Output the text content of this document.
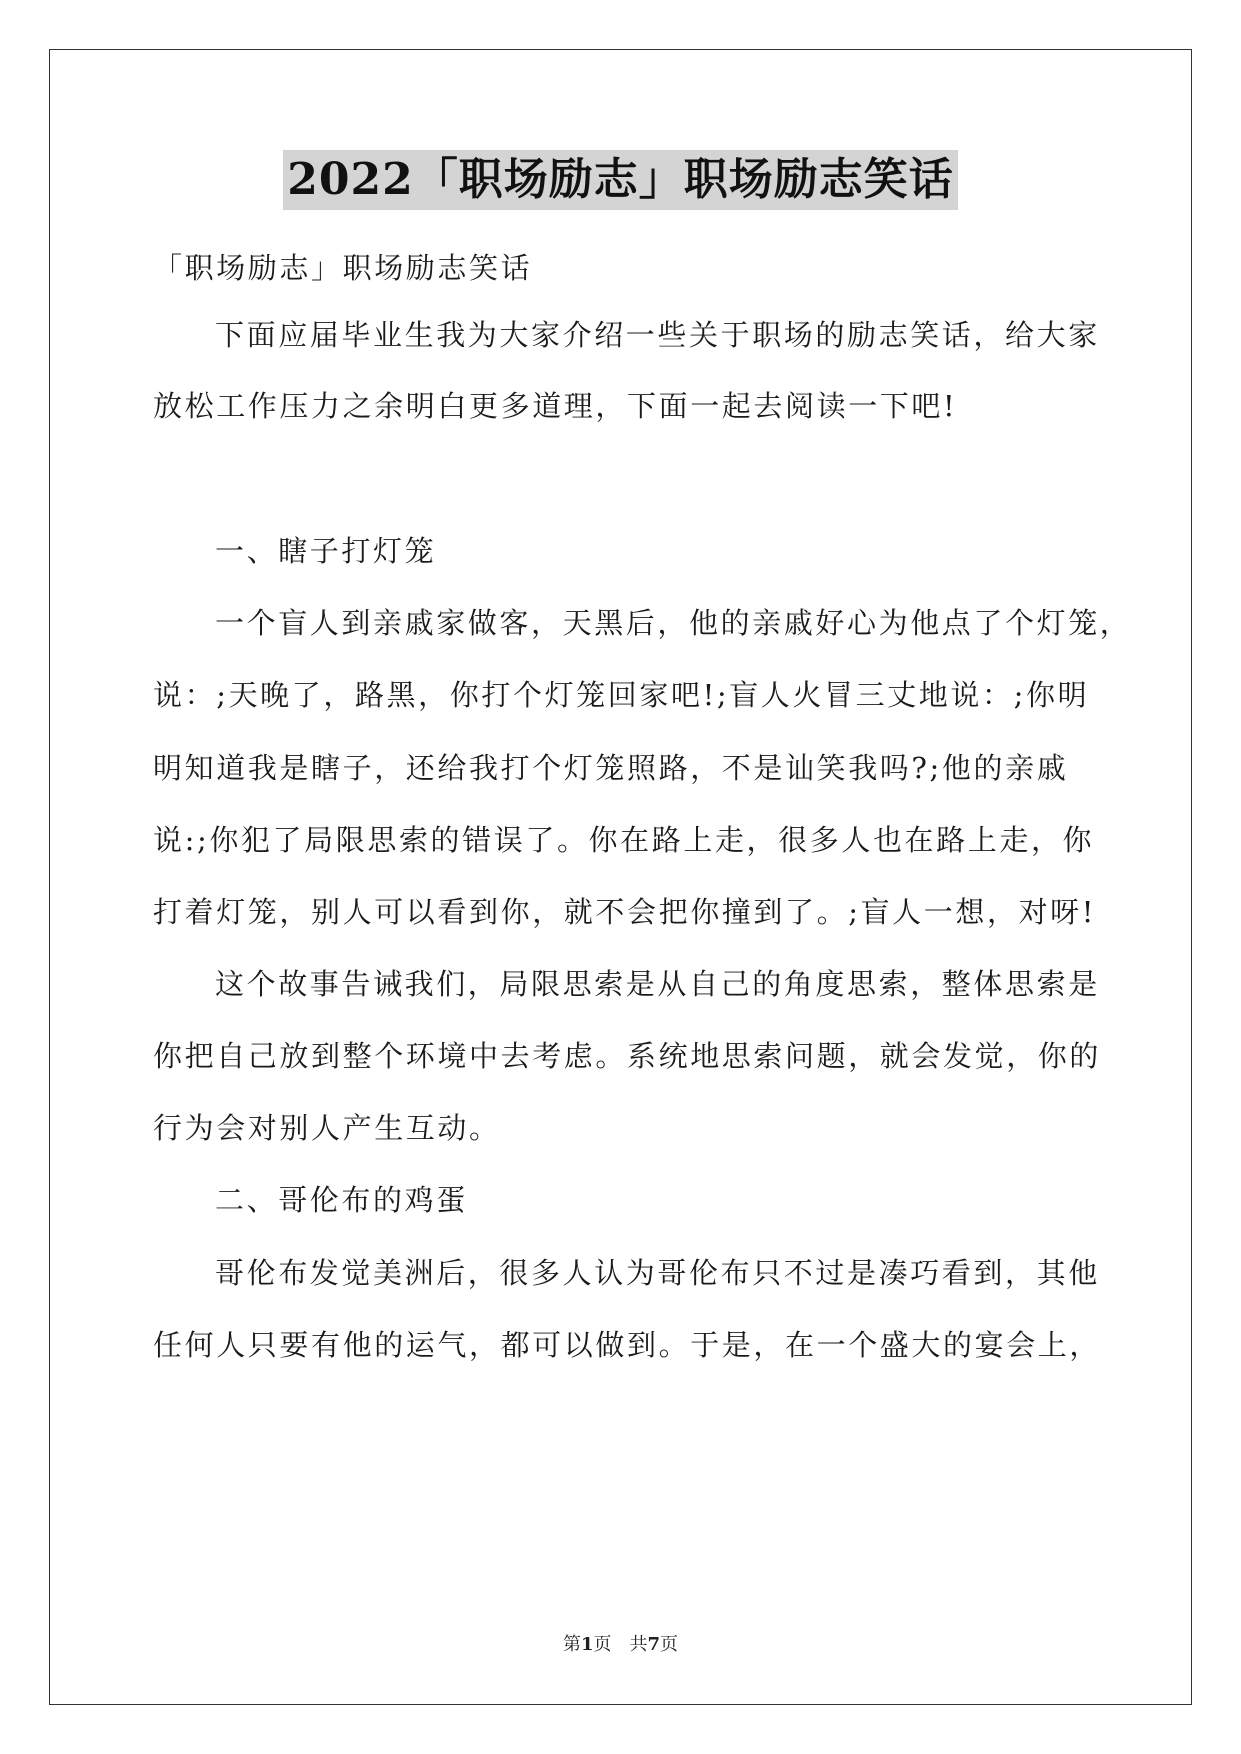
2022「职场励志」职场励志笑话
「职场励志」职场励志笑话
下面应届毕业生我为大家介绍一些关于职场的励志笑话，给大家
放松工作压力之余明白更多道理，下面一起去阅读一下吧!
一、瞎子打灯笼
一个盲人到亲戚家做客，天黑后，他的亲戚好心为他点了个灯笼，
说：;天晚了，路黑，你打个灯笼回家吧!;盲人火冒三丈地说：;你明
明知道我是瞎子，还给我打个灯笼照路，不是讪笑我吗?;他的亲戚
说:;你犯了局限思索的错误了。你在路上走，很多人也在路上走，你
打着灯笼，别人可以看到你，就不会把你撞到了。;盲人一想，对呀!
这个故事告诫我们，局限思索是从自己的角度思索，整体思索是
你把自己放到整个环境中去考虑。系统地思索问题，就会发觉，你的
行为会对别人产生互动。
二、哥伦布的鸡蛋
哥伦布发觉美洲后，很多人认为哥伦布只不过是凑巧看到，其他
任何人只要有他的运气，都可以做到。于是，在一个盛大的宴会上，
第1页　共7页
